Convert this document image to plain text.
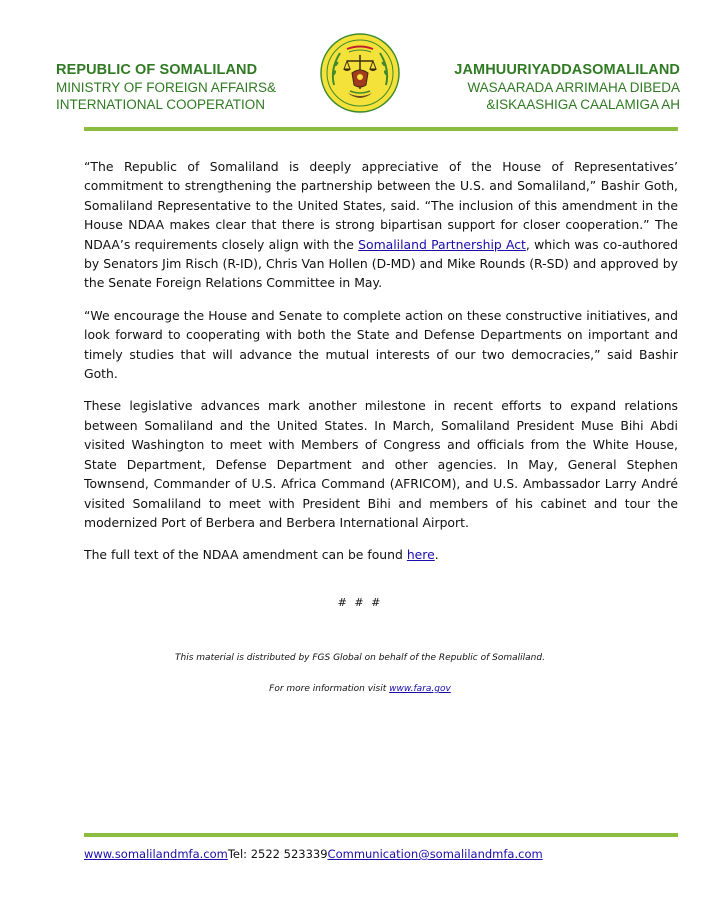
REPUBLIC OF SOMALILAND
MINISTRY OF FOREIGN AFFAIRS&
INTERNATIONAL COOPERATION
JAMHUURIYADDASOMALILAND
WASAARADA ARRIMAHA DIBEDA
&ISKAASHIGA CAALAMIGA AH

“The Republic of Somaliland is deeply appreciative of the House of Representatives’ commitment to strengthening the partnership between the U.S. and Somaliland,” Bashir Goth, Somaliland Representative to the United States, said. “The inclusion of this amendment in the House NDAA makes clear that there is strong bipartisan support for closer cooperation.” The NDAA’s requirements closely align with the Somaliland Partnership Act, which was co-authored by Senators Jim Risch (R-ID), Chris Van Hollen (D-MD) and Mike Rounds (R-SD) and approved by the Senate Foreign Relations Committee in May.

“We encourage the House and Senate to complete action on these constructive initiatives, and look forward to cooperating with both the State and Defense Departments on important and timely studies that will advance the mutual interests of our two democracies,” said Bashir Goth.

These legislative advances mark another milestone in recent efforts to expand relations between Somaliland and the United States. In March, Somaliland President Muse Bihi Abdi visited Washington to meet with Members of Congress and officials from the White House, State Department, Defense Department and other agencies. In May, General Stephen Townsend, Commander of U.S. Africa Command (AFRICOM), and U.S. Ambassador Larry André visited Somaliland to meet with President Bihi and members of his cabinet and tour the modernized Port of Berbera and Berbera International Airport.

The full text of the NDAA amendment can be found here.

# # #
This material is distributed by FGS Global on behalf of the Republic of Somaliland.
For more information visit www.fara.gov
www.somalilandmfa.comTel: 2522 523339Communication@somalilandmfa.com
